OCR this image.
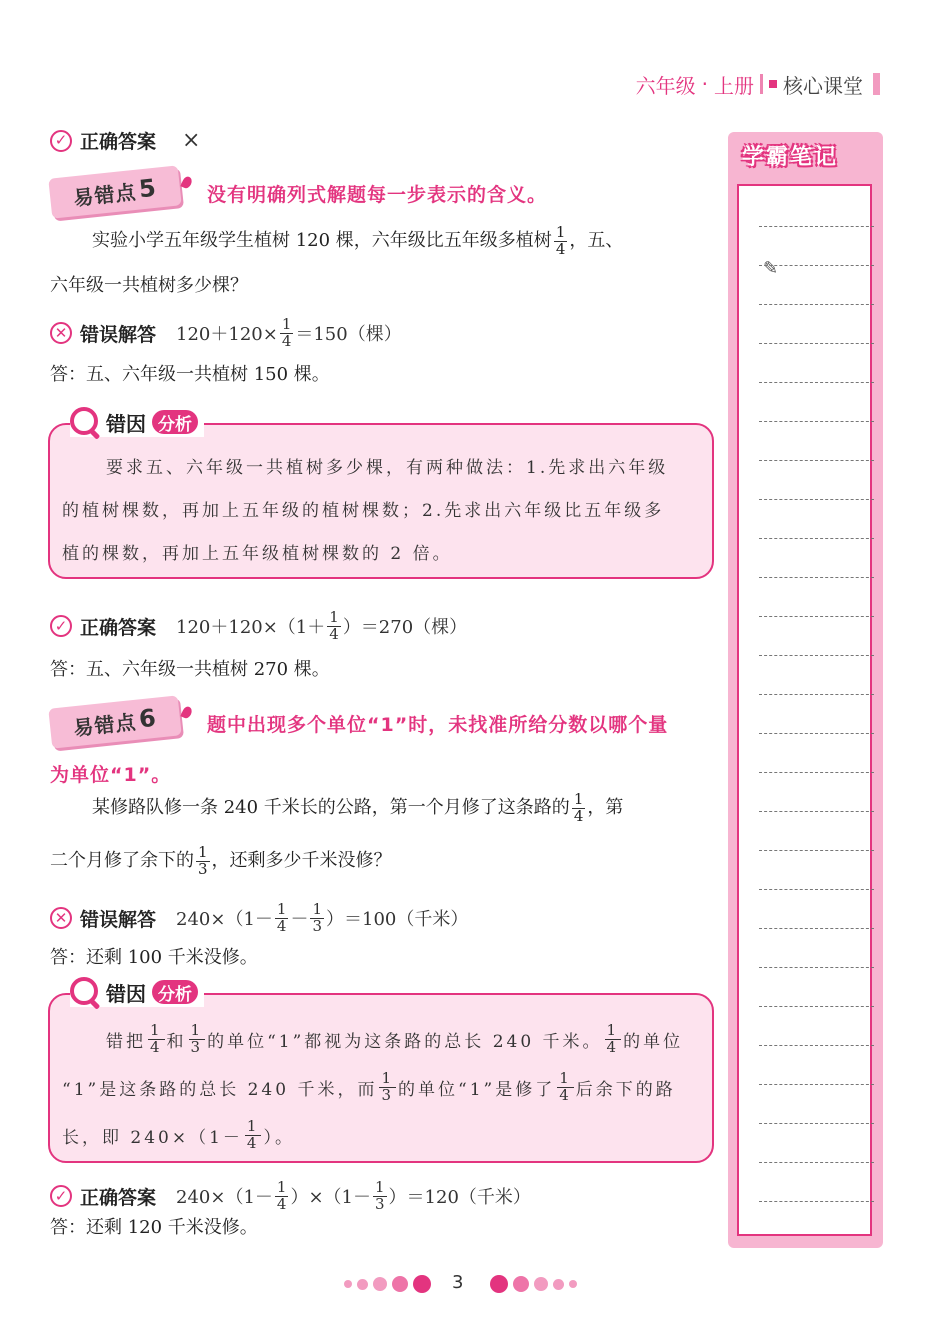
六年级 · 上册 核心课堂
✓ 正确答案 ×
易错点 5	没有明确列式解题每一步表示的含义。
实验小学五年级学生植树 120 棵，六年级比五年级多植树 $\frac{1}{4}$ ，五、
六年级一共植树多少棵？
✕ 错误解答 $120+120\times \frac{1}{4} =150$（棵）
答：五、六年级一共植树 150 棵。
要求五、六年级一共植树多少棵，有两种做法：1.先求出六年级
的植树棵数，再加上五年级的植树棵数；2.先求出六年级比五年级多
植的棵数，再加上五年级植树棵数的 2 倍。
错因 分析
✓ 正确答案 $120+120\times(1+ \frac{1}{4} )=270$（棵）
答：五、六年级一共植树 270 棵。
易错点 6	题中出现多个单位“1”时，未找准所给分数以哪个量
为单位“1”。
某修路队修一条 240 千米长的公路，第一个月修了这条路的 $\frac{1}{4}$ ，第
二个月修了余下的 $\frac{1}{3}$ ，还剩多少千米没修？
✕ 错误解答 $240\times(1- \frac{1}{4} - \frac{1}{3} )=100$（千米）
答：还剩 100 千米没修。
错把 $\frac{1}{4}$ 和 $\frac{1}{3}$ 的单位“1”都视为这条路的总长 240 千米。 $\frac{1}{4}$ 的单位
“1”是这条路的总长 240 千米，而 $\frac{1}{3}$ 的单位“1”是修了 $\frac{1}{4}$ 后余下的路
长，即 $240\times(1- \frac{1}{4}$ ）。
错因 分析
✓ 正确答案 $240\times(1- \frac{1}{4} )\times(1- \frac{1}{3} )=120$（千米）
答：还剩 120 千米没修。
学霸笔记
✎
3
